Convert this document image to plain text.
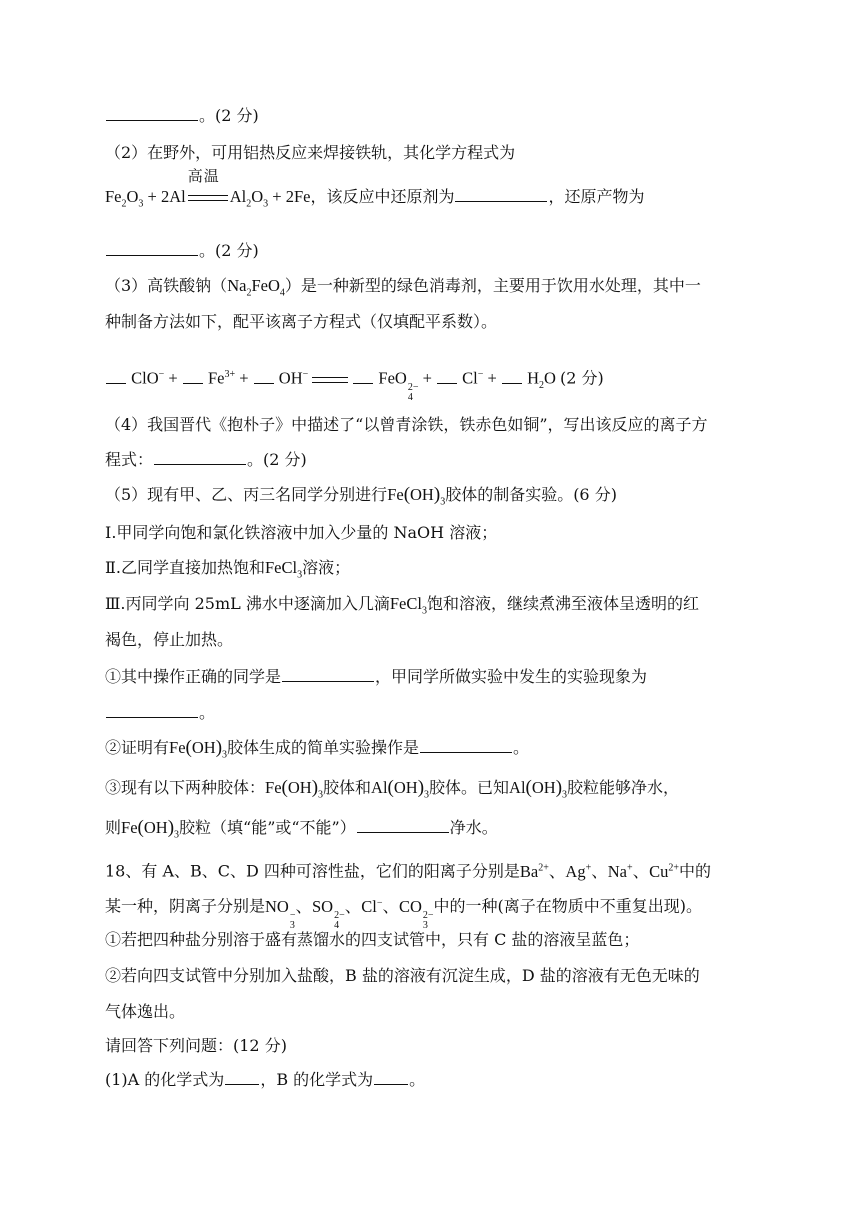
。(2 分)
（2）在野外，可用铝热反应来焊接铁轨，其化学方程式为
$Fe_2O_3 + 2Al$
高温
$Al_2O_3 + 2Fe$，该反应中还原剂为	，还原产物为
。(2 分)
（3）高铁酸钠$(Na_2FeO_4)$是一种新型的绿色消毒剂，主要用于饮用水处理，其中一
种制备方法如下，配平该离子方程式（仅填配平系数）。
$ClO^- + Fe^{3+} + OH^-$	FeO 2−
4
+  $Cl^- + H_2O$ (2 分)
（4）我国晋代《抱朴子》中描述了“以曾青涂铁，铁赤色如铜”，写出该反应的离子方
程式：	。(2 分)
（5）现有甲、乙、丙三名同学分别进行$Fe(OH)_3$胶体的制备实验。(6 分)
Ⅰ.甲同学向饱和氯化铁溶液中加入少量的 NaOH 溶液；
Ⅱ.乙同学直接加热饱和FeCl$_3$溶液；
Ⅲ.丙同学向 25mL 沸水中逐滴加入几滴FeCl$_3$饱和溶液，继续煮沸至液体呈透明的红
褐色，停止加热。
①其中操作正确的同学是	，甲同学所做实验中发生的实验现象为
。
②证明有$Fe(OH)_3$胶体生成的简单实验操作是	。
③现有以下两种胶体：$Fe(OH)_3$胶体和$Al(OH)_3$胶体。已知$Al(OH)_3$胶粒能够净水，
则$Fe(OH)_3$胶粒（填“能”或“不能”）	净水。
18、有 A、B、C、D 四种可溶性盐，它们的阳离子分别是$Ba^{2+}$、Ag+、Na+、$Cu^{2+}$中的
某一种，阴离子分别是NO −
3
、SO 2−
4
、Cl−、CO 2−
3
中的一种(离子在物质中不重复出现)。
①若把四种盐分别溶于盛有蒸馏水的四支试管中，只有 C 盐的溶液呈蓝色；
②若向四支试管中分别加入盐酸，B 盐的溶液有沉淀生成，D 盐的溶液有无色无味的
气体逸出。
请回答下列问题：(12 分)
(1)A 的化学式为 ，B 的化学式为 。
